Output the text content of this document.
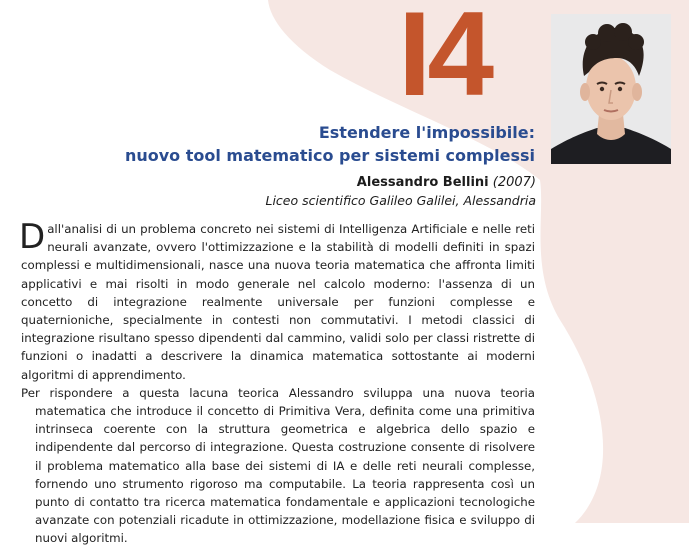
I4
Estendere l'impossibile:
nuovo tool matematico per sistemi complessi
Alessandro Bellini (2007)
Liceo scientifico Galileo Galilei, Alessandria

Dall'analisi di un problema concreto nei sistemi di Intelligenza Artificiale e nelle reti neurali avanzate, ovvero l'ottimizzazione e la stabilità di modelli definiti in spazi complessi e multidimensionali, nasce una nuova teoria matematica che affronta limiti applicativi e mai risolti in modo generale nel calcolo moderno: l'assenza di un concetto di integrazione realmente universale per funzioni complesse e quaternioniche, specialmente in contesti non commutativi. I metodi classici di integrazione risultano spesso dipendenti dal cammino, validi solo per classi ristrette di funzioni o inadatti a descrivere la dinamica matematica sottostante ai moderni algoritmi di apprendimento.

Per rispondere a questa lacuna teorica Alessandro sviluppa una nuova teoria matematica che introduce il concetto di Primitiva Vera, definita come una primitiva intrinseca coerente con la struttura geometrica e algebrica dello spazio e indipendente dal percorso di integrazione. Questa costruzione consente di risolvere il problema matematico alla base dei sistemi di IA e delle reti neurali complesse, fornendo uno strumento rigoroso ma computabile. La teoria rappresenta così un punto di contatto tra ricerca matematica fondamentale e applicazioni tecnologiche avanzate con potenziali ricadute in ottimizzazione, modellazione fisica e sviluppo di nuovi algoritmi.
